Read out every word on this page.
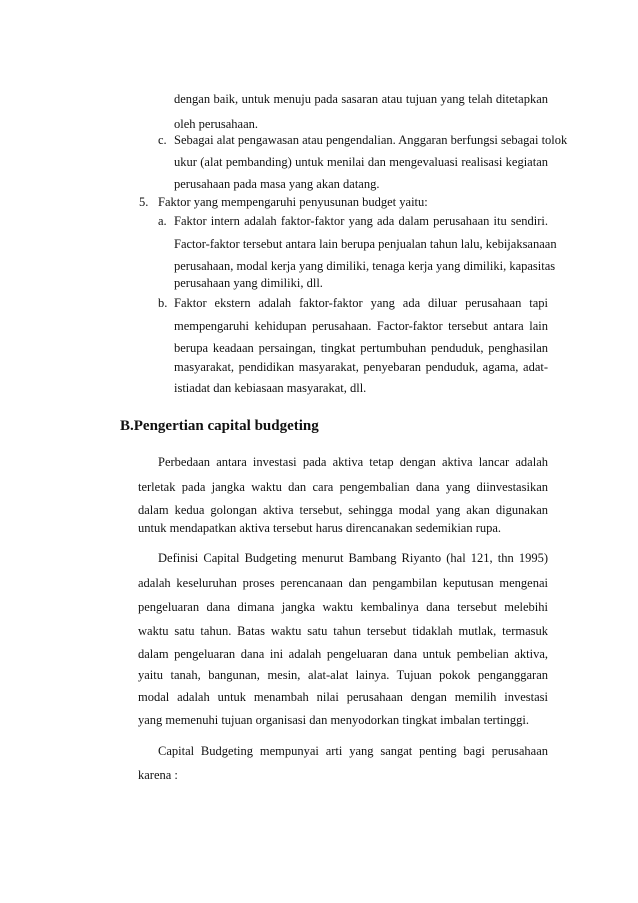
dengan baik, untuk menuju pada sasaran atau tujuan yang telah ditetapkan
oleh perusahaan.
c. Sebagai alat pengawasan atau pengendalian. Anggaran berfungsi sebagai tolok
ukur (alat pembanding) untuk menilai dan mengevaluasi realisasi kegiatan
perusahaan pada masa yang akan datang.
5. Faktor yang mempengaruhi penyusunan budget yaitu:
a. Faktor intern adalah faktor-faktor yang ada dalam perusahaan itu sendiri.
Factor-faktor tersebut antara lain berupa penjualan tahun lalu, kebijaksanaan
perusahaan, modal kerja yang dimiliki, tenaga kerja yang dimiliki, kapasitas
perusahaan yang dimiliki, dll.
b. Faktor ekstern adalah faktor-faktor yang ada diluar perusahaan tapi
mempengaruhi kehidupan perusahaan. Factor-faktor tersebut antara lain
berupa keadaan persaingan, tingkat pertumbuhan penduduk, penghasilan
masyarakat, pendidikan masyarakat, penyebaran penduduk, agama, adat-
istiadat dan kebiasaan masyarakat, dll.
B.Pengertian capital budgeting
Perbedaan antara investasi pada aktiva tetap dengan aktiva lancar adalah
terletak pada jangka waktu dan cara pengembalian dana yang diinvestasikan
dalam kedua golongan aktiva tersebut, sehingga modal yang akan digunakan
untuk mendapatkan aktiva tersebut harus direncanakan sedemikian rupa.
Definisi Capital Budgeting menurut Bambang Riyanto (hal 121, thn 1995)
adalah keseluruhan proses perencanaan dan pengambilan keputusan mengenai
pengeluaran dana dimana jangka waktu kembalinya dana tersebut melebihi
waktu satu tahun. Batas waktu satu tahun tersebut tidaklah mutlak, termasuk
dalam pengeluaran dana ini adalah pengeluaran dana untuk pembelian aktiva,
yaitu tanah, bangunan, mesin, alat-alat lainya. Tujuan pokok penganggaran
modal adalah untuk menambah nilai perusahaan dengan memilih investasi
yang memenuhi tujuan organisasi dan menyodorkan tingkat imbalan tertinggi.
Capital Budgeting mempunyai arti yang sangat penting bagi perusahaan
karena :
